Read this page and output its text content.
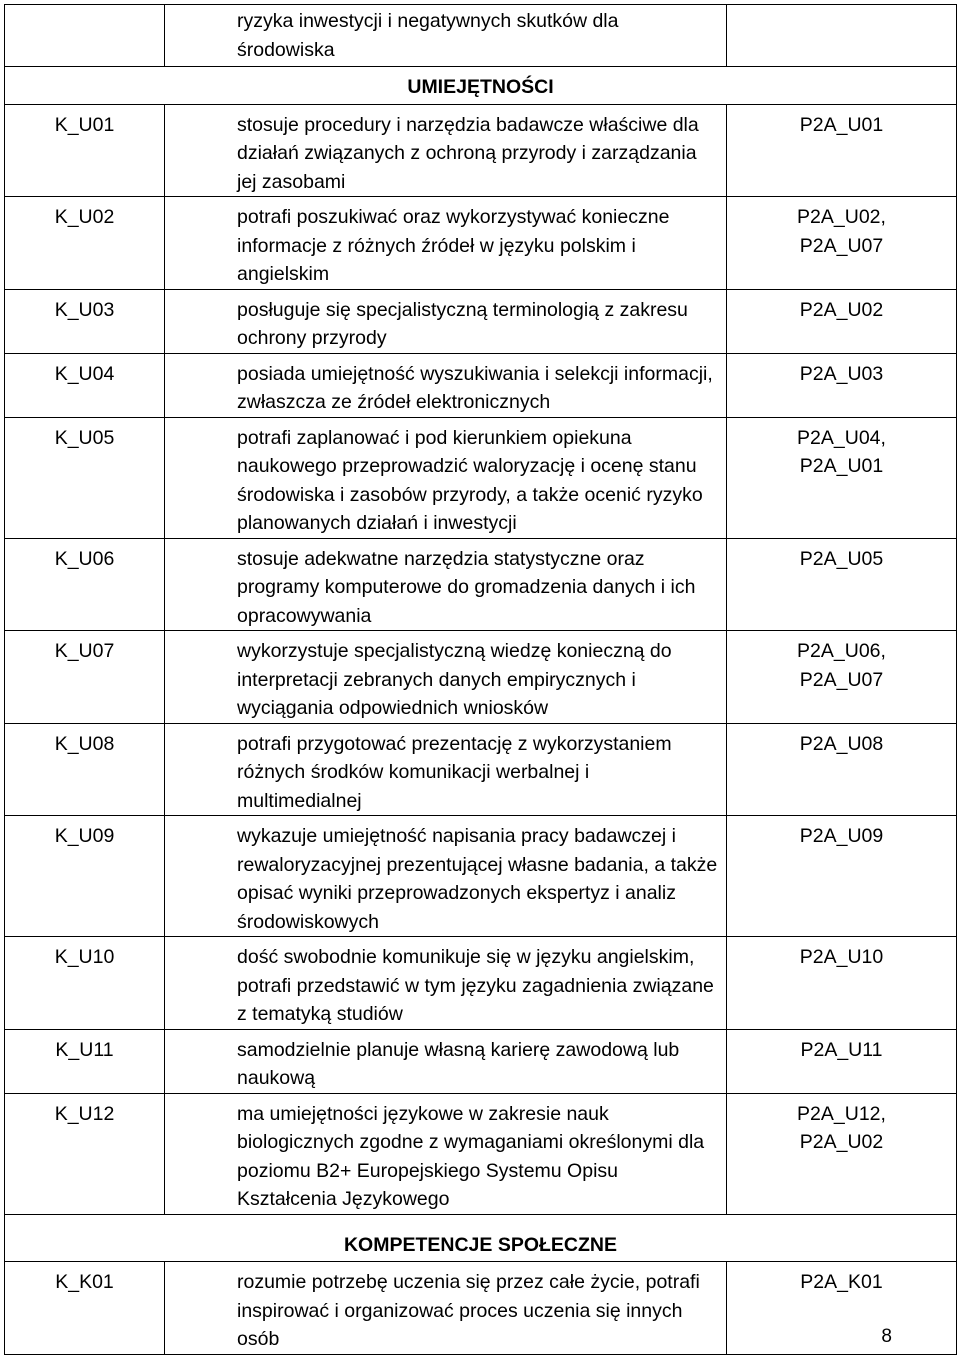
	ryzyka inwestycji i negatywnych skutków dla środowiska	
UMIEJĘTNOŚCI		
K_U01	stosuje procedury i narzędzia badawcze właściwe dla działań związanych z ochroną przyrody i zarządzania jej zasobami	P2A_U01

K_U02	potrafi poszukiwać oraz wykorzystywać konieczne informacje z różnych źródeł w języku polskim i angielskim	P2A_U02,
P2A_U07

K_U03	posługuje się specjalistyczną terminologią z zakresu ochrony przyrody	P2A_U02

K_U04	posiada umiejętność wyszukiwania i selekcji informacji, zwłaszcza ze źródeł elektronicznych	P2A_U03

K_U05	potrafi zaplanować i pod kierunkiem opiekuna naukowego przeprowadzić waloryzację i ocenę stanu środowiska i zasobów przyrody, a także ocenić ryzyko planowanych działań i inwestycji	P2A_U04,
P2A_U01

K_U06	stosuje adekwatne narzędzia statystyczne oraz programy komputerowe do gromadzenia danych i ich opracowywania	P2A_U05

K_U07	wykorzystuje specjalistyczną wiedzę konieczną do interpretacji zebranych danych empirycznych i wyciągania odpowiednich wniosków	P2A_U06,
P2A_U07

K_U08	potrafi przygotować prezentację z wykorzystaniem różnych środków komunikacji werbalnej i multimedialnej	P2A_U08

K_U09	wykazuje umiejętność napisania pracy badawczej i rewaloryzacyjnej prezentującej własne badania, a także opisać wyniki przeprowadzonych ekspertyz i analiz środowiskowych	P2A_U09

K_U10	dość swobodnie komunikuje się w języku angielskim, potrafi przedstawić w tym języku zagadnienia związane z tematyką studiów	P2A_U10

K_U11	samodzielnie planuje własną karierę zawodową lub naukową	P2A_U11

K_U12	ma umiejętności językowe w zakresie nauk biologicznych zgodne z wymaganiami określonymi dla poziomu B2+ Europejskiego Systemu Opisu Kształcenia Językowego	P2A_U12,
P2A_U02

KOMPETENCJE SPOŁECZNE		
K_K01	rozumie potrzebę uczenia się przez całe życie, potrafi inspirować i organizować proces uczenia się innych osób	P2A_K01
8
